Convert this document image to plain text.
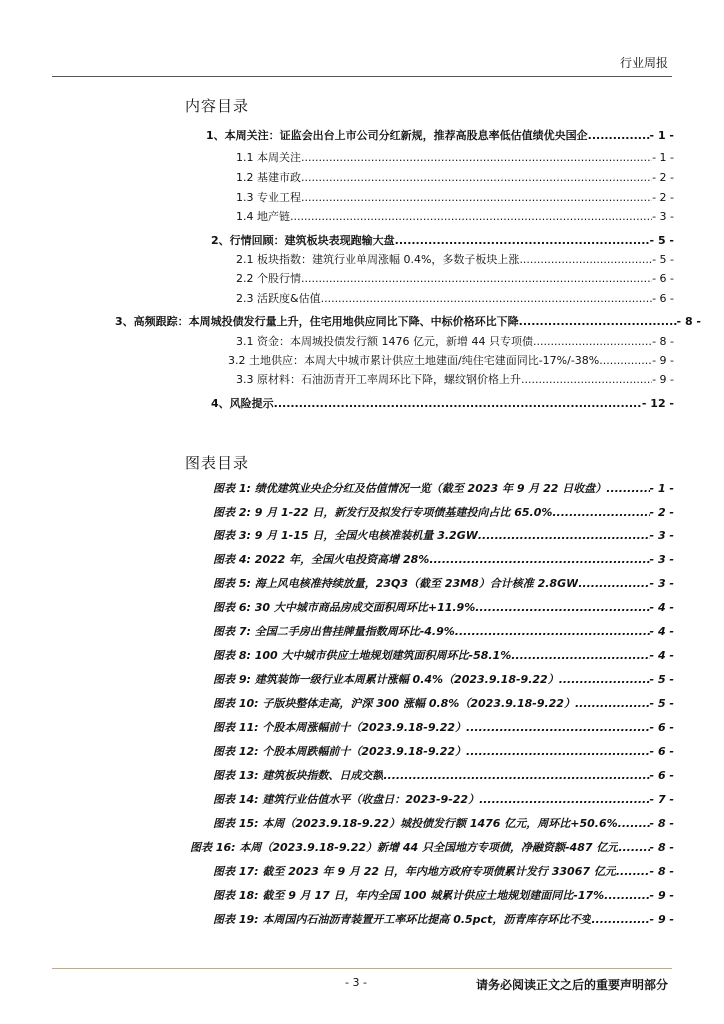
行业周报
内容目录
1、本周关注：证监会出台上市公司分红新规，推荐高股息率低估值绩优央国企 .....	- 1 -
1.1 本周关注 .....	- 1 -
1.2 基建市政 .....	- 2 -
1.3 专业工程 .....	- 2 -
1.4 地产链 .....	- 3 -
2、行情回顾：建筑板块表现跑输大盘 .....	- 5 -
2.1 板块指数：建筑行业单周涨幅 0.4%，多数子板块上涨 .....	- 5 -
2.2 个股行情 .....	- 6 -
2.3 活跃度&估值 .....	- 6 -
3、高频跟踪：本周城投债发行量上升，住宅用地供应同比下降、中标价格环比下降 .....	- 8 -
3.1 资金：本周城投债发行额 1476 亿元，新增 44 只专项债 .....	- 8 -
3.2 土地供应：本周大中城市累计供应土地建面/纯住宅建面同比-17%/-38% .....	- 9 -
3.3 原材料：石油沥青开工率周环比下降，螺纹钢价格上升 .....	- 9 -
4、风险提示 .....	- 12 -
图表目录
图表 1: 绩优建筑业央企分红及估值情况一览（截至 2023 年 9 月 22 日收盘） .....	- 1 -
图表 2: 9 月 1-22 日，新发行及拟发行专项债基建投向占比 65.0% .....	- 2 -
图表 3: 9 月 1-15 日，全国火电核准装机量 3.2GW .....	- 3 -
图表 4: 2022 年，全国火电投资高增 28% .....	- 3 -
图表 5: 海上风电核准持续放量，23Q3（截至 23M8）合计核准 2.8GW .....	- 3 -
图表 6: 30 大中城市商品房成交面积周环比+11.9% .....	- 4 -
图表 7: 全国二手房出售挂牌量指数周环比-4.9% .....	- 4 -
图表 8: 100 大中城市供应土地规划建筑面积周环比-58.1% .....	- 4 -
图表 9: 建筑装饰一级行业本周累计涨幅 0.4%（2023.9.18-9.22） .....	- 5 -
图表 10: 子版块整体走高，沪深 300 涨幅 0.8%（2023.9.18-9.22） .....	- 5 -
图表 11: 个股本周涨幅前十（2023.9.18-9.22） .....	- 6 -
图表 12: 个股本周跌幅前十（2023.9.18-9.22） .....	- 6 -
图表 13: 建筑板块指数、日成交额 .....	- 6 -
图表 14: 建筑行业估值水平（收盘日：2023-9-22） .....	- 7 -
图表 15: 本周（2023.9.18-9.22）城投债发行额 1476 亿元，周环比+50.6% .....	- 8 -
图表 16: 本周（2023.9.18-9.22）新增 44 只全国地方专项债，净融资额-487 亿元 .....	- 8 -
图表 17: 截至 2023 年 9 月 22 日，年内地方政府专项债累计发行 33067 亿元 .....	- 8 -
图表 18: 截至 9 月 17 日，年内全国 100 城累计供应土地规划建面同比-17% .....	- 9 -
图表 19: 本周国内石油沥青装置开工率环比提高 0.5pct，沥青库存环比不变 .....	- 9 -
- 3 -	请务必阅读正文之后的重要声明部分
